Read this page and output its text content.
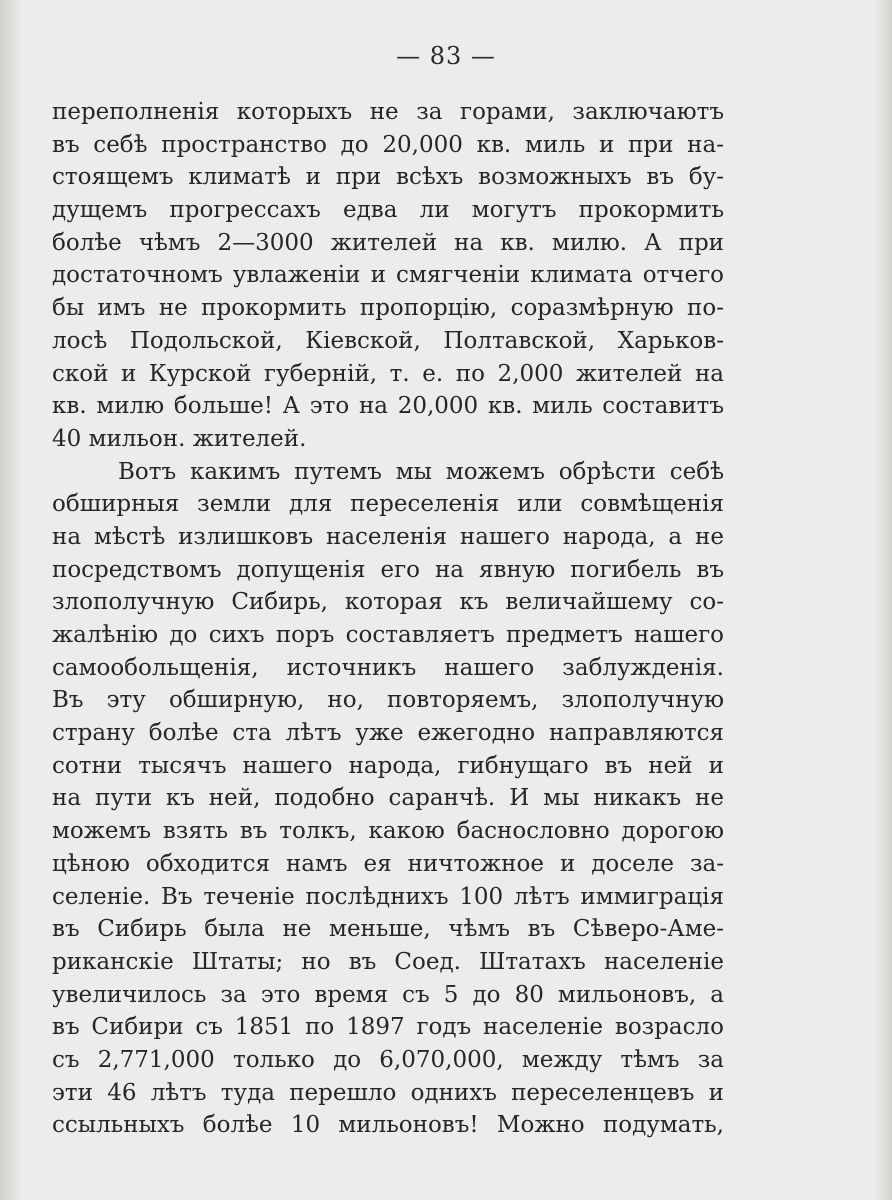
— 83 —
переполненія которыхъ не за горами, заключаютъ
въ себѣ пространство до 20,000 кв. миль и при на-
стоящемъ климатѣ и при всѣхъ возможныхъ въ бу-
дущемъ прогрессахъ едва ли могутъ прокормить
болѣе чѣмъ 2—3000 жителей на кв. милю. А при
достаточномъ увлаженіи и смягченіи климата отчего
бы имъ не прокормить пропорцію, соразмѣрную по-
лосѣ Подольской, Кіевской, Полтавской, Харьков-
ской и Курской губерній, т. е. по 2,000 жителей на
кв. милю больше! А это на 20,000 кв. миль составитъ
40 мильон. жителей.
Вотъ какимъ путемъ мы можемъ обрѣсти себѣ
обширныя земли для переселенія или совмѣщенія
на мѣстѣ излишковъ населенія нашего народа, а не
посредствомъ допущенія его на явную погибель въ
злополучную Сибирь, которая къ величайшему со-
жалѣнію до сихъ поръ составляетъ предметъ нашего
самообольщенія, источникъ нашего заблужденія.
Въ эту обширную, но, повторяемъ, злополучную
страну болѣе ста лѣтъ уже ежегодно направляются
сотни тысячъ нашего народа, гибнущаго въ ней и
на пути къ ней, подобно саранчѣ. И мы никакъ не
можемъ взять въ толкъ, какою баснословно дорогою
цѣною обходится намъ ея ничтожное и доселе за-
селеніе. Въ теченіе послѣднихъ 100 лѣтъ иммиграція
въ Сибирь была не меньше, чѣмъ въ Сѣверо-Аме-
риканскіе Штаты; но въ Соед. Штатахъ населеніе
увеличилось за это время съ 5 до 80 мильоновъ, а
въ Сибири съ 1851 по 1897 годъ населеніе возрасло
съ 2,771,000 только до 6,070,000, между тѣмъ за
эти 46 лѣтъ туда перешло однихъ переселенцевъ и
ссыльныхъ болѣе 10 мильоновъ! Можно подумать,
